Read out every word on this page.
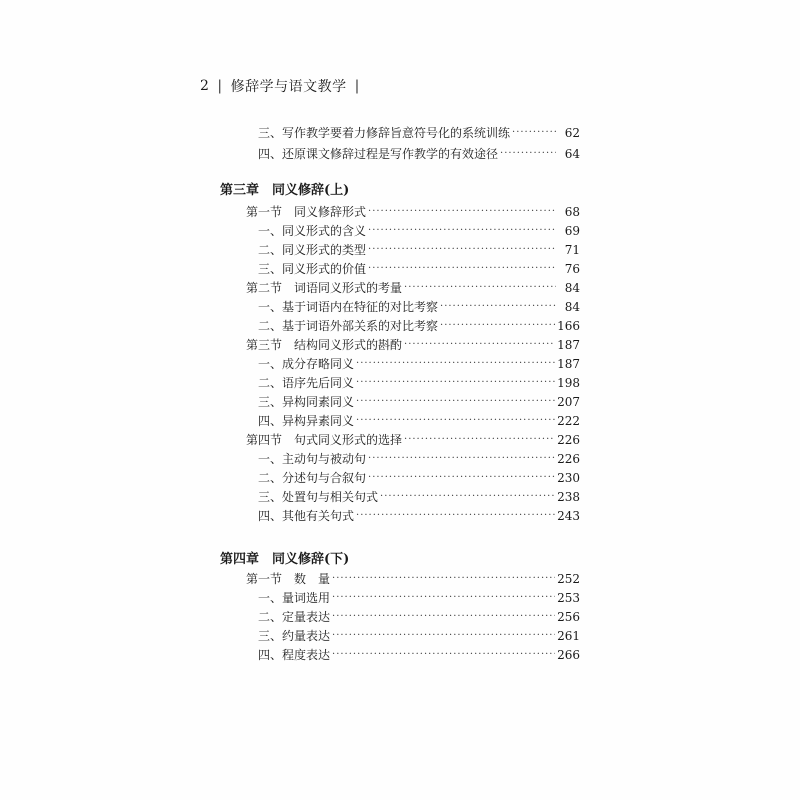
2 | 修辞学与语文教学 |
三、写作教学要着力修辞旨意符号化的系统训练 ·····	62
四、还原课文修辞过程是写作教学的有效途径 ·····	64
第三章　同义修辞(上)
第一节　同义修辞形式 ·····	68
一、同义形式的含义 ·····	69
二、同义形式的类型 ·····	71
三、同义形式的价值 ·····	76
第二节　词语同义形式的考量 ·····	84
一、基于词语内在特征的对比考察 ·····	84
二、基于词语外部关系的对比考察 ·····	166
第三节　结构同义形式的斟酌 ·····	187
一、成分存略同义 ·····	187
二、语序先后同义 ·····	198
三、异构同素同义 ·····	207
四、异构异素同义 ·····	222
第四节　句式同义形式的选择 ·····	226
一、主动句与被动句 ·····	226
二、分述句与合叙句 ·····	230
三、处置句与相关句式 ·····	238
四、其他有关句式 ·····	243
第四章　同义修辞(下)
第一节　数　量 ·····	252
一、量词选用 ·····	253
二、定量表达 ·····	256
三、约量表达 ·····	261
四、程度表达 ·····	266
